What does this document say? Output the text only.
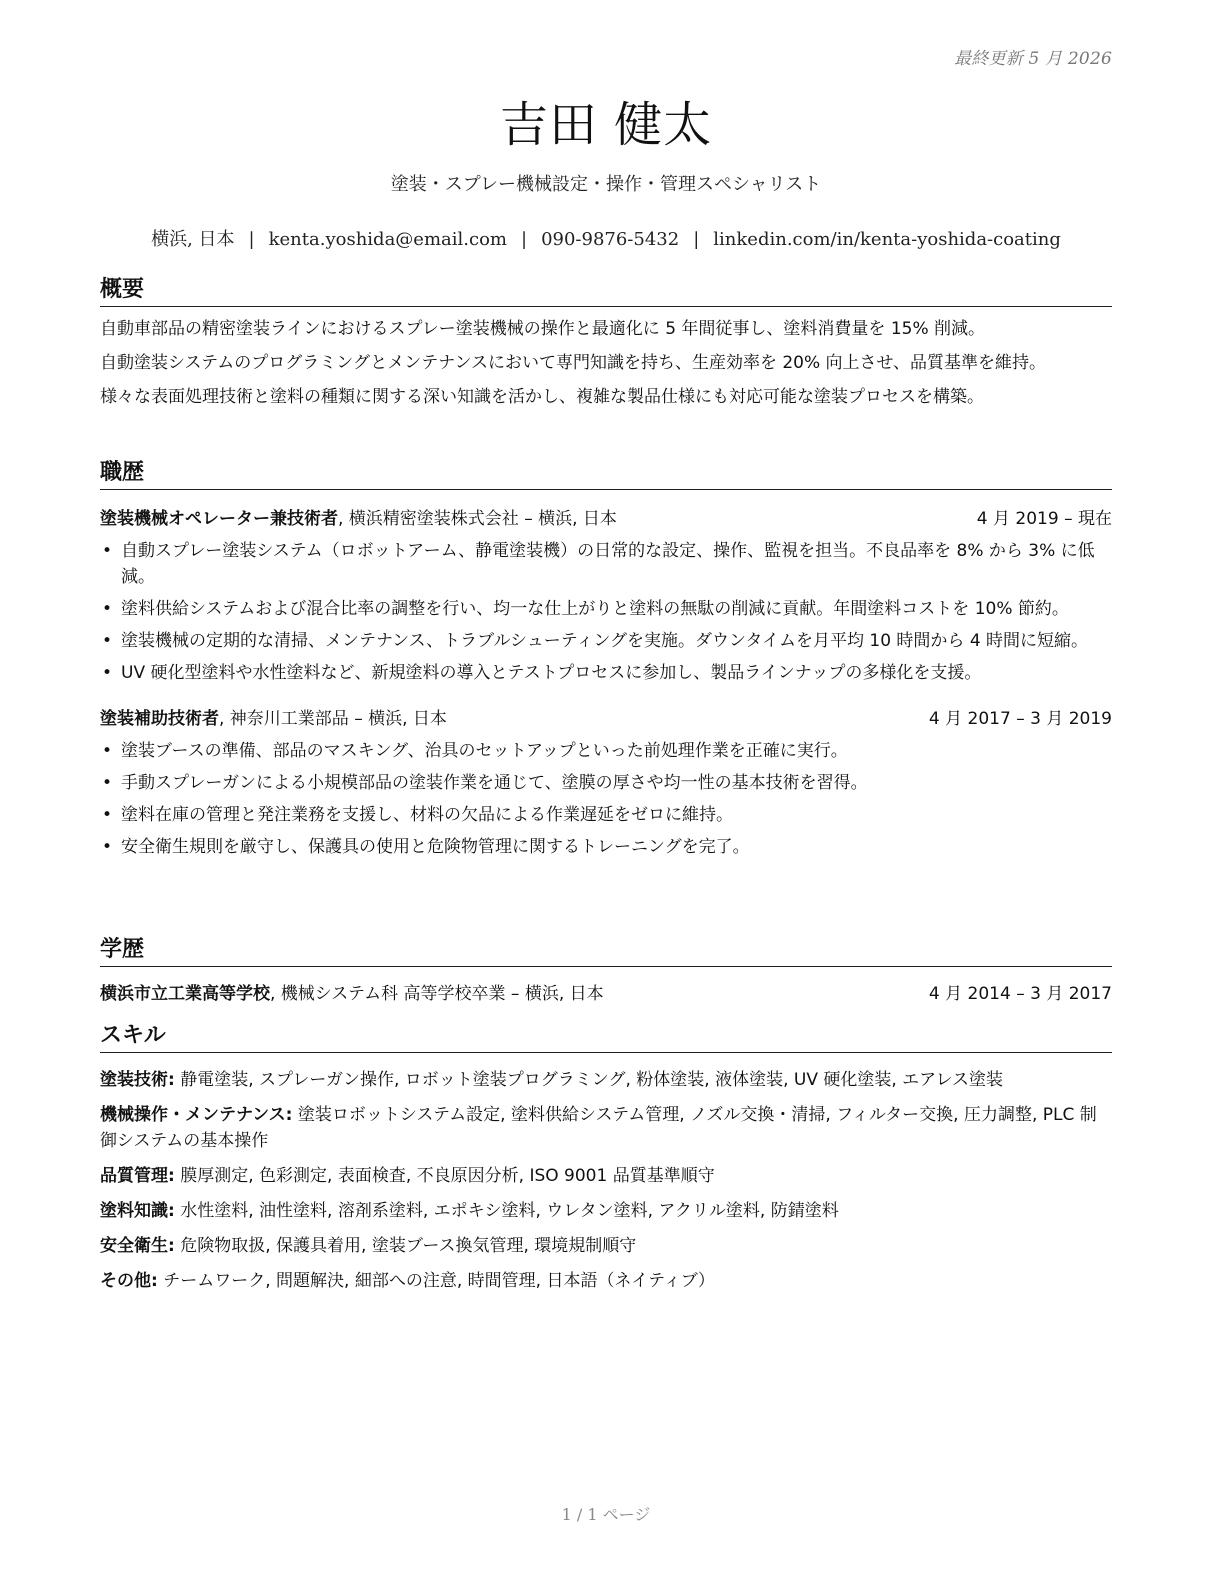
最終更新 5 月 2026
吉田 健太
塗装・スプレー機械設定・操作・管理スペシャリスト
横浜, 日本 | kenta.yoshida@email.com | 090-9876-5432 | linkedin.com/in/kenta-yoshida-coating
概要

自動車部品の精密塗装ラインにおけるスプレー塗装機械の操作と最適化に 5 年間従事し、塗料消費量を 15% 削減。

自動塗装システムのプログラミングとメンテナンスにおいて専門知識を持ち、生産効率を 20% 向上させ、品質基準を維持。

様々な表面処理技術と塗料の種類に関する深い知識を活かし、複雑な製品仕様にも対応可能な塗装プロセスを構築。

職歴
塗装機械オペレーター兼技術者, 横浜精密塗装株式会社 – 横浜, 日本	4 月 2019 – 現在
• 自動スプレー塗装システム（ロボットアーム、静電塗装機）の日常的な設定、操作、監視を担当。不良品率を 8% から 3% に低減。
• 塗料供給システムおよび混合比率の調整を行い、均一な仕上がりと塗料の無駄の削減に貢献。年間塗料コストを 10% 節約。
• 塗装機械の定期的な清掃、メンテナンス、トラブルシューティングを実施。ダウンタイムを月平均 10 時間から 4 時間に短縮。
• UV 硬化型塗料や水性塗料など、新規塗料の導入とテストプロセスに参加し、製品ラインナップの多様化を支援。
塗装補助技術者, 神奈川工業部品 – 横浜, 日本	4 月 2017 – 3 月 2019
• 塗装ブースの準備、部品のマスキング、治具のセットアップといった前処理作業を正確に実行。
• 手動スプレーガンによる小規模部品の塗装作業を通じて、塗膜の厚さや均一性の基本技術を習得。
• 塗料在庫の管理と発注業務を支援し、材料の欠品による作業遅延をゼロに維持。
• 安全衛生規則を厳守し、保護具の使用と危険物管理に関するトレーニングを完了。
学歴
横浜市立工業高等学校, 機械システム科 高等学校卒業 – 横浜, 日本	4 月 2014 – 3 月 2017
スキル
塗装技術: 静電塗装, スプレーガン操作, ロボット塗装プログラミング, 粉体塗装, 液体塗装, UV 硬化塗装, エアレス塗装
機械操作・メンテナンス: 塗装ロボットシステム設定, 塗料供給システム管理, ノズル交換・清掃, フィルター交換, 圧力調整, PLC 制御システムの基本操作
品質管理: 膜厚測定, 色彩測定, 表面検査, 不良原因分析, ISO 9001 品質基準順守
塗料知識: 水性塗料, 油性塗料, 溶剤系塗料, エポキシ塗料, ウレタン塗料, アクリル塗料, 防錆塗料
安全衛生: 危険物取扱, 保護具着用, 塗装ブース換気管理, 環境規制順守
その他: チームワーク, 問題解決, 細部への注意, 時間管理, 日本語（ネイティブ）
1 / 1 ページ
